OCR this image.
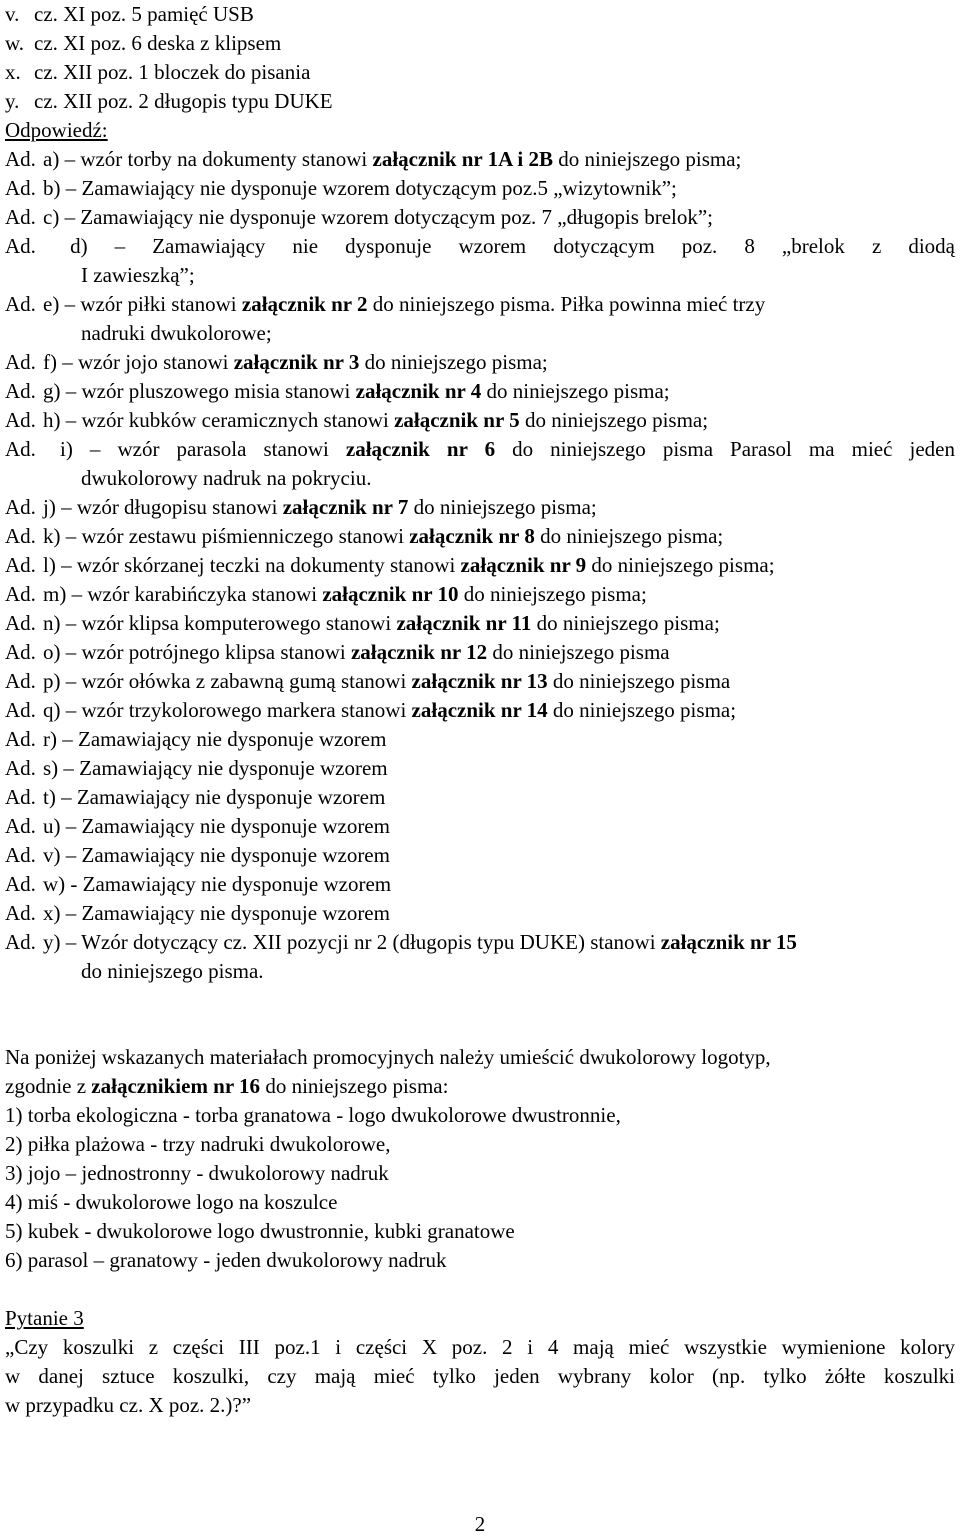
v. cz. XI poz. 5 pamięć USB
w. cz. XI poz. 6 deska z klipsem
x. cz. XII poz. 1 bloczek do pisania
y. cz. XII poz. 2 długopis typu DUKE
Odpowiedź:
Ad. a) – wzór torby na dokumenty stanowi załącznik nr 1A i 2B do niniejszego pisma;
Ad. b) – Zamawiający nie dysponuje wzorem dotyczącym poz.5 „wizytownik”;
Ad. c) – Zamawiający nie dysponuje wzorem dotyczącym poz. 7 „długopis brelok”;
Ad. d) – Zamawiający nie dysponuje wzorem dotyczącym poz. 8 „brelok z diodą
I zawieszką”;
Ad. e) – wzór piłki stanowi załącznik nr 2 do niniejszego pisma. Piłka powinna mieć trzy
nadruki dwukolorowe;
Ad. f) – wzór jojo stanowi załącznik nr 3 do niniejszego pisma;
Ad. g) – wzór pluszowego misia stanowi załącznik nr 4 do niniejszego pisma;
Ad. h) – wzór kubków ceramicznych stanowi załącznik nr 5 do niniejszego pisma;
Ad. i) – wzór parasola stanowi załącznik nr 6 do niniejszego pisma Parasol ma mieć jeden
dwukolorowy nadruk na pokryciu.
Ad. j) – wzór długopisu stanowi załącznik nr 7 do niniejszego pisma;
Ad. k) – wzór zestawu piśmienniczego stanowi załącznik nr 8 do niniejszego pisma;
Ad. l) – wzór skórzanej teczki na dokumenty stanowi załącznik nr 9 do niniejszego pisma;
Ad. m) – wzór karabińczyka stanowi załącznik nr 10 do niniejszego pisma;
Ad. n) – wzór klipsa komputerowego stanowi załącznik nr 11 do niniejszego pisma;
Ad. o) – wzór potrójnego klipsa stanowi załącznik nr 12 do niniejszego pisma
Ad. p) – wzór ołówka z zabawną gumą stanowi załącznik nr 13 do niniejszego pisma
Ad. q) – wzór trzykolorowego markera stanowi załącznik nr 14 do niniejszego pisma;
Ad. r) – Zamawiający nie dysponuje wzorem
Ad. s) – Zamawiający nie dysponuje wzorem
Ad. t) – Zamawiający nie dysponuje wzorem
Ad. u) – Zamawiający nie dysponuje wzorem
Ad. v) – Zamawiający nie dysponuje wzorem
Ad. w) - Zamawiający nie dysponuje wzorem
Ad. x) – Zamawiający nie dysponuje wzorem
Ad. y) – Wzór dotyczący cz. XII pozycji nr 2 (długopis typu DUKE) stanowi załącznik nr 15
do niniejszego pisma.
Na poniżej wskazanych materiałach promocyjnych należy umieścić dwukolorowy logotyp,
zgodnie z załącznikiem nr 16 do niniejszego pisma:
1) torba ekologiczna - torba granatowa - logo dwukolorowe dwustronnie,
2) piłka plażowa - trzy nadruki dwukolorowe,
3) jojo – jednostronny - dwukolorowy nadruk
4) miś - dwukolorowe logo na koszulce
5) kubek - dwukolorowe logo dwustronnie, kubki granatowe
6) parasol – granatowy - jeden dwukolorowy nadruk
Pytanie 3
„Czy koszulki z części III poz.1 i części X poz. 2 i 4 mają mieć wszystkie wymienione kolory
w danej sztuce koszulki, czy mają mieć tylko jeden wybrany kolor (np. tylko żółte koszulki
w przypadku cz. X poz. 2.)?”
2
